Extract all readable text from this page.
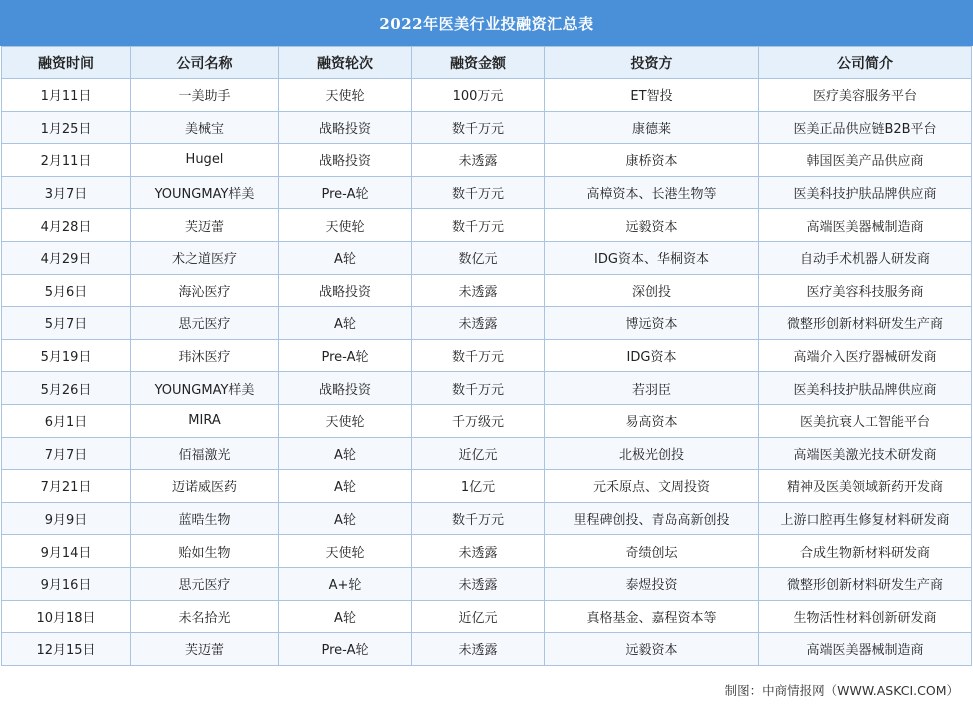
2022年医美行业投融资汇总表
融资时间	公司名称	融资轮次	融资金额	投资方	公司简介
1月11日	一美助手	天使轮	100万元	ET智投	医疗美容服务平台
1月25日	美械宝	战略投资	数千万元	康德莱	医美正品供应链B2B平台
2月11日	Hugel	战略投资	未透露	康桥资本	韩国医美产品供应商
3月7日	YOUNGMAY样美	Pre-A轮	数千万元	高樟资本、长港生物等	医美科技护肤品牌供应商
4月28日	芙迈蕾	天使轮	数千万元	远毅资本	高端医美器械制造商
4月29日	术之道医疗	A轮	数亿元	IDG资本、华桐资本	自动手术机器人研发商
5月6日	海沁医疗	战略投资	未透露	深创投	医疗美容科技服务商
5月7日	思元医疗	A轮	未透露	博远资本	微整形创新材料研发生产商
5月19日	玮沐医疗	Pre-A轮	数千万元	IDG资本	高端介入医疗器械研发商
5月26日	YOUNGMAY样美	战略投资	数千万元	若羽臣	医美科技护肤品牌供应商
6月1日	MIRA	天使轮	千万级元	易高资本	医美抗衰人工智能平台
7月7日	佰福激光	A轮	近亿元	北极光创投	高端医美激光技术研发商
7月21日	迈诺威医药	A轮	1亿元	元禾原点、文周投资	精神及医美领域新药开发商
9月9日	蓝晧生物	A轮	数千万元	里程碑创投、青岛高新创投	上游口腔再生修复材料研发商
9月14日	贻如生物	天使轮	未透露	奇绩创坛	合成生物新材料研发商
9月16日	思元医疗	A+轮	未透露	泰煜投资	微整形创新材料研发生产商
10月18日	未名拾光	A轮	近亿元	真格基金、嘉程资本等	生物活性材料创新研发商
12月15日	芙迈蕾	Pre-A轮	未透露	远毅资本	高端医美器械制造商
制图：中商情报网（WWW.ASKCI.COM）
